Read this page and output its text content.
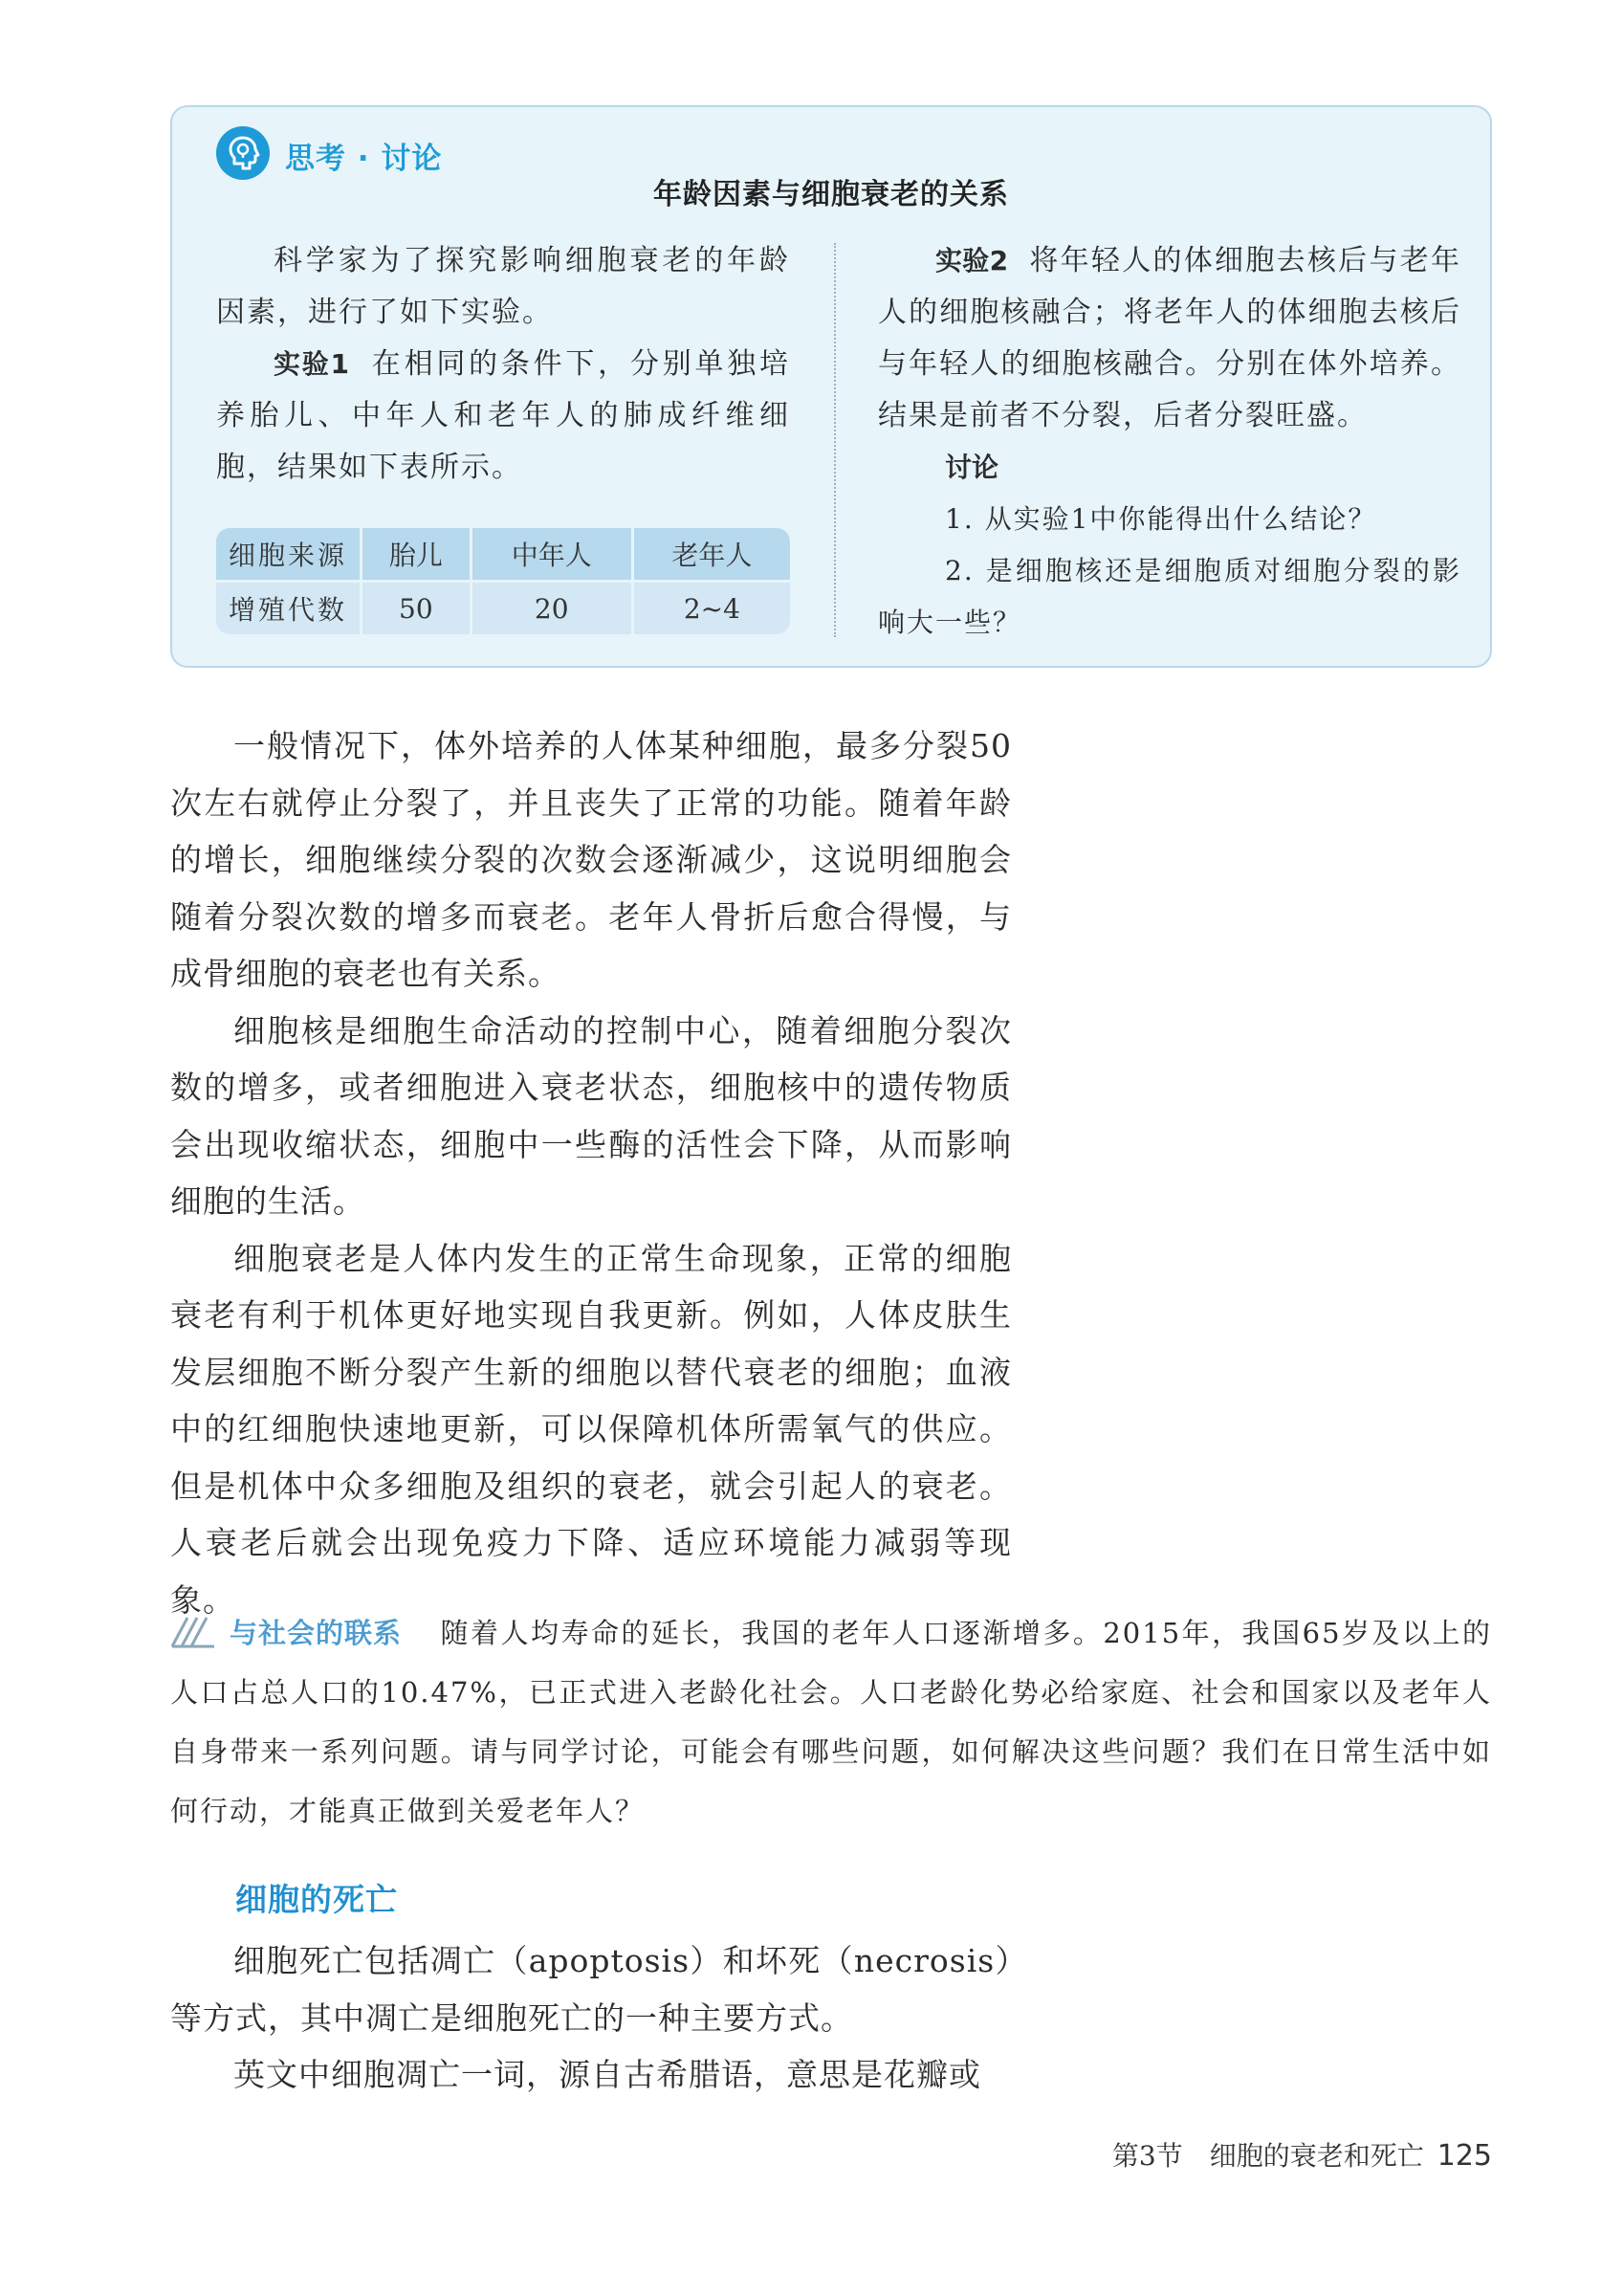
思考 · 讨论
年龄因素与细胞衰老的关系

科学家为了探究影响细胞衰老的年龄因素，进行了如下实验。

实验1 在相同的条件下，分别单独培养胎儿、中年人和老年人的肺成纤维细胞，结果如下表所示。

细胞来源	胎儿	中年人	老年人
增殖代数	50	20	2~4

实验2 将年轻人的体细胞去核后与老年人的细胞核融合；将老年人的体细胞去核后与年轻人的细胞核融合。分别在体外培养。结果是前者不分裂，后者分裂旺盛。

讨论

1. 从实验1中你能得出什么结论？

2. 是细胞核还是细胞质对细胞分裂的影响大一些？

一般情况下，体外培养的人体某种细胞，最多分裂50次左右就停止分裂了，并且丧失了正常的功能。随着年龄的增长，细胞继续分裂的次数会逐渐减少，这说明细胞会随着分裂次数的增多而衰老。老年人骨折后愈合得慢，与成骨细胞的衰老也有关系。

细胞核是细胞生命活动的控制中心，随着细胞分裂次数的增多，或者细胞进入衰老状态，细胞核中的遗传物质会出现收缩状态，细胞中一些酶的活性会下降，从而影响细胞的生活。

细胞衰老是人体内发生的正常生命现象，正常的细胞衰老有利于机体更好地实现自我更新。例如，人体皮肤生发层细胞不断分裂产生新的细胞以替代衰老的细胞；血液中的红细胞快速地更新，可以保障机体所需氧气的供应。但是机体中众多细胞及组织的衰老，就会引起人的衰老。人衰老后就会出现免疫力下降、适应环境能力减弱等现象。

与社会的联系 随着人均寿命的延长，我国的老年人口逐渐增多。2015年，我国65岁及以上的人口占总人口的10.47%，已正式进入老龄化社会。人口老龄化势必给家庭、社会和国家以及老年人自身带来一系列问题。请与同学讨论，可能会有哪些问题，如何解决这些问题？我们在日常生活中如何行动，才能真正做到关爱老年人？

细胞的死亡

细胞死亡包括凋亡（apoptosis）和坏死（necrosis）等方式，其中凋亡是细胞死亡的一种主要方式。

英文中细胞凋亡一词，源自古希腊语，意思是花瓣或

第3节　细胞的衰老和死亡 125
